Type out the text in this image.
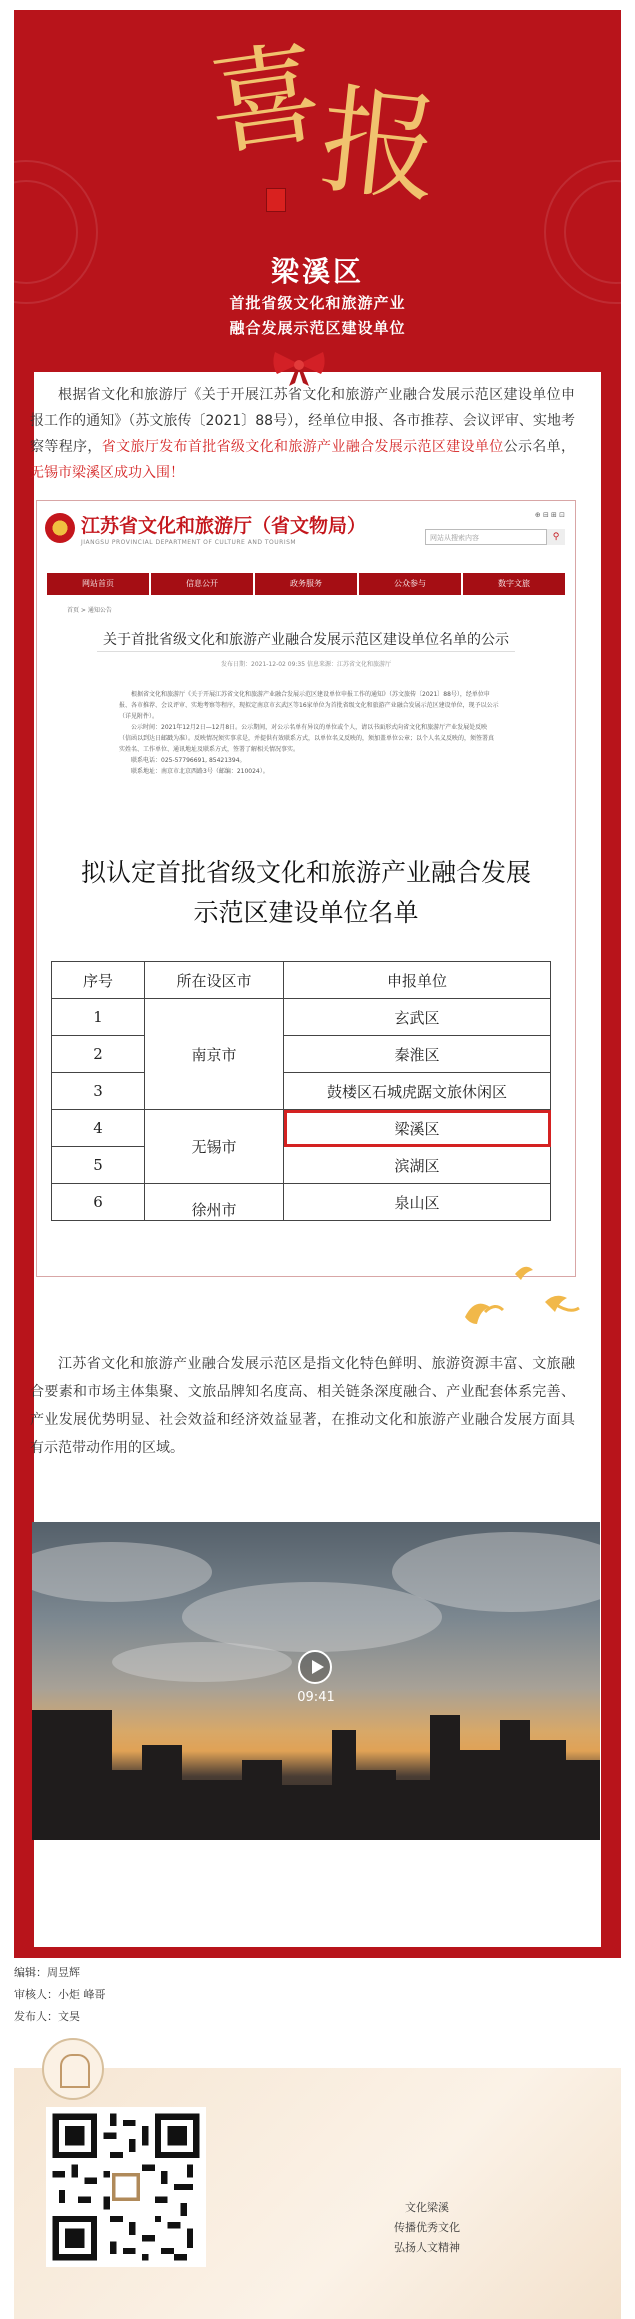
喜
报
梁溪区
首批省级文化和旅游产业
融合发展示范区建设单位
根据省文化和旅游厅《关于开展江苏省文化和旅游产业融合发展示范区建设单位申报工作的通知》（苏文旅传〔2021〕88号），经单位申报、各市推荐、会议评审、实地考察等程序，省文旅厅发布首批省级文化和旅游产业融合发展示范区建设单位公示名单，无锡市梁溪区成功入围！
江苏省文化和旅游厅（省文物局）
JIANGSU PROVINCIAL DEPARTMENT OF CULTURE AND TOURISM
⊕ ⊟ ⊞ ⊡
网站从搜索内容	⚲
网站首页	信息公开	政务服务	公众参与	数字文旅
首页 > 通知公告
关于首批省级文化和旅游产业融合发展示范区建设单位名单的公示
发布日期：2021-12-02 09:35 信息来源：江苏省文化和旅游厅

根据省文化和旅游厅《关于开展江苏省文化和旅游产业融合发展示范区建设单位申报工作的通知》（苏文旅传〔2021〕88号），经单位申报、各市推荐、会议评审、实地考察等程序，现拟定南京市玄武区等16家单位为首批省级文化和旅游产业融合发展示范区建设单位，现予以公示（详见附件）。

公示时间：2021年12月2日—12月8日。公示期间，对公示名单有异议的单位或个人，请以书面形式向省文化和旅游厅产业发展处反映（信函以到达日邮戳为准）。反映情况须实事求是，并提供有效联系方式，以单位名义反映的，须加盖单位公章；以个人名义反映的，须签署真实姓名、工作单位、通讯地址及联系方式，签署了解相关情况事实。

联系电话：025-57796691, 85421394。

联系地址：南京市北京西路3号（邮编：210024）。

拟认定首批省级文化和旅游产业融合发展
示范区建设单位名单
序号	所在设区市	申报单位
1	南京市	玄武区
2		秦淮区
3		鼓楼区石城虎踞文旅休闲区
4	无锡市	梁溪区
5		滨湖区
6	徐州市	泉山区
江苏省文化和旅游产业融合发展示范区是指文化特色鲜明、旅游资源丰富、文旅融合要素和市场主体集聚、文旅品牌知名度高、相关链条深度融合、产业配套体系完善、产业发展优势明显、社会效益和经济效益显著，在推动文化和旅游产业融合发展方面具有示范带动作用的区域。
09:41
编辑：周昱辉
审核人：小炬 峰哥
发布人：文昊
文化梁溪
传播优秀文化
弘扬人文精神
